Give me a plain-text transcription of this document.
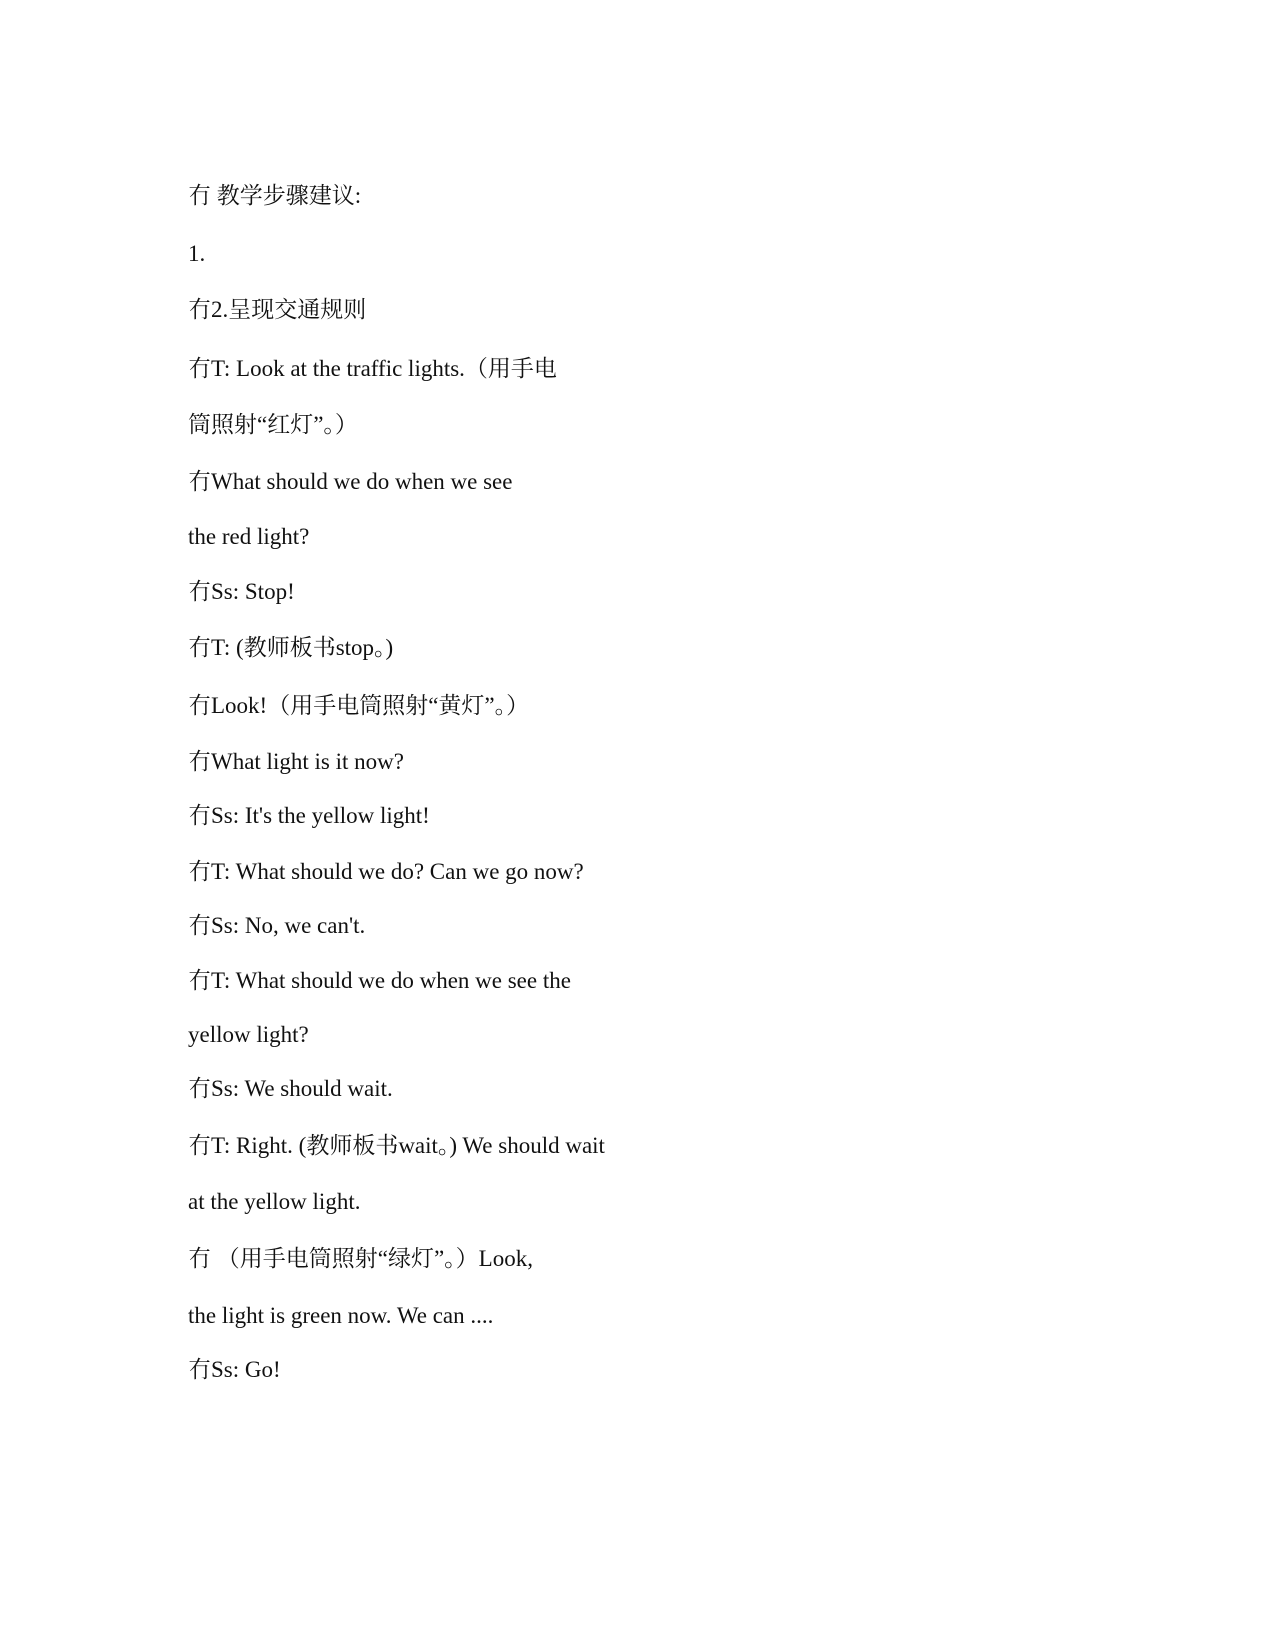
冇 教学步骤建议:
1.
冇2.呈现交通规则
冇T: Look at the traffic lights.（用手电
筒照射“红灯”。）
冇What should we do when we see
the red light?
冇Ss: Stop!
冇T: (教师板书stop。)
冇Look!（用手电筒照射“黄灯”。）
冇What light is it now?
冇Ss: It's the yellow light!
冇T: What should we do? Can we go now?
冇Ss: No, we can't.
冇T: What should we do when we see the
yellow light?
冇Ss: We should wait.
冇T: Right. (教师板书wait。) We should wait
at the yellow light.
冇 （用手电筒照射“绿灯”。）Look,
the light is green now. We can ....
冇Ss: Go!
